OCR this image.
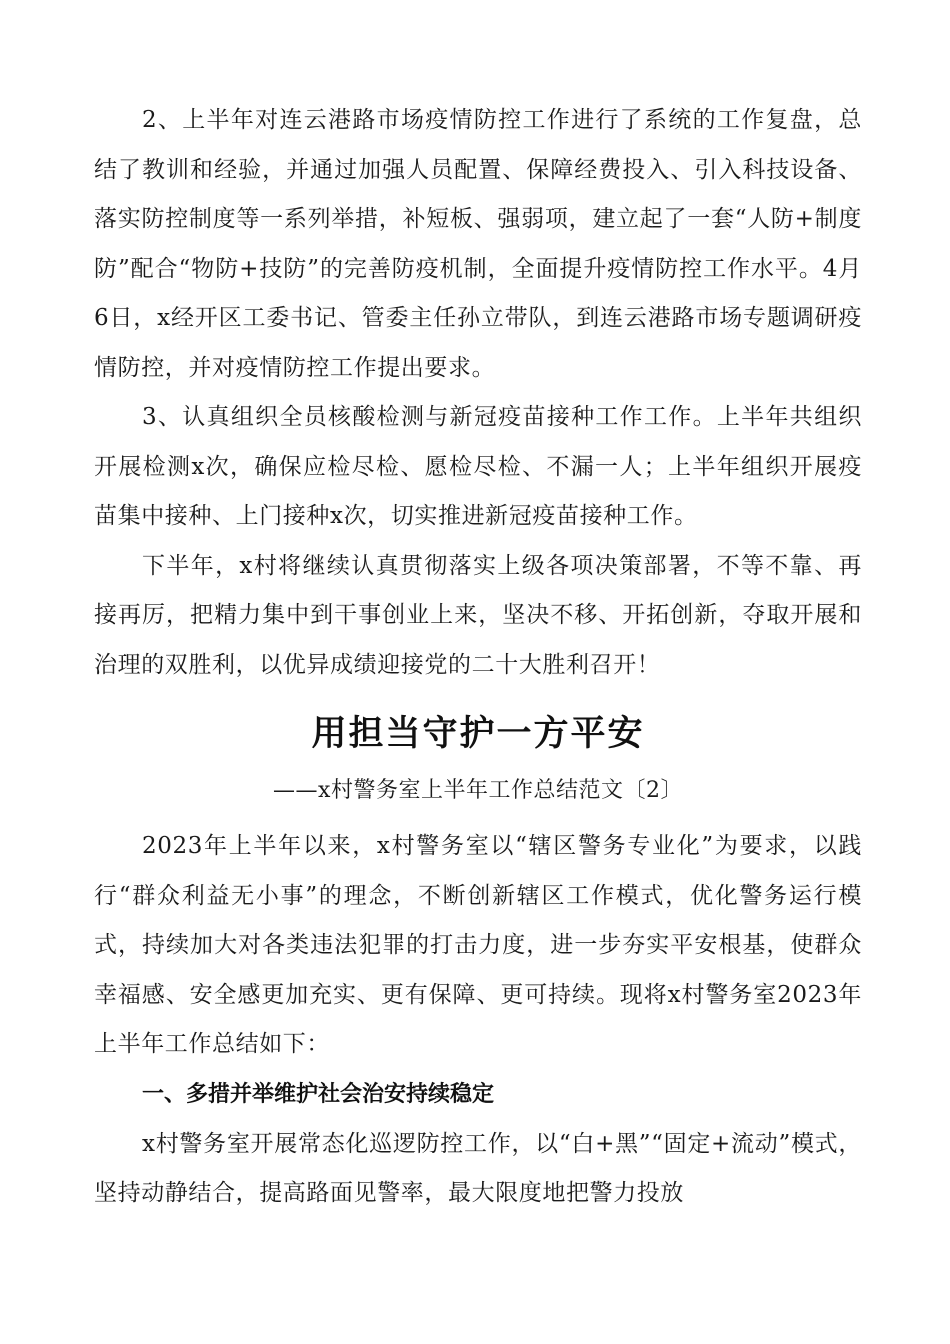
2、上半年对连云港路市场疫情防控工作进行了系统的工作复盘，总结了教训和经验，并通过加强人员配置、保障经费投入、引入科技设备、落实防控制度等一系列举措，补短板、强弱项，建立起了一套“人防+制度防”配合“物防+技防”的完善防疫机制，全面提升疫情防控工作水平。4月6日，x经开区工委书记、管委主任孙立带队，到连云港路市场专题调研疫情防控，并对疫情防控工作提出要求。

3、认真组织全员核酸检测与新冠疫苗接种工作工作。上半年共组织开展检测x次，确保应检尽检、愿检尽检、不漏一人；上半年组织开展疫苗集中接种、上门接种x次，切实推进新冠疫苗接种工作。

下半年，x村将继续认真贯彻落实上级各项决策部署，不等不靠、再接再厉，把精力集中到干事创业上来，坚决不移、开拓创新，夺取开展和治理的双胜利，以优异成绩迎接党的二十大胜利召开！

用担当守护一方平安
——x村警务室上半年工作总结范文〔2〕

2023年上半年以来，x村警务室以“辖区警务专业化”为要求，以践行“群众利益无小事”的理念，不断创新辖区工作模式，优化警务运行模式，持续加大对各类违法犯罪的打击力度，进一步夯实平安根基，使群众幸福感、安全感更加充实、更有保障、更可持续。现将x村警务室2023年上半年工作总结如下：

一、多措并举维护社会治安持续稳定

x村警务室开展常态化巡逻防控工作，以“白+黑”“固定+流动”模式，坚持动静结合，提高路面见警率，最大限度地把警力投放
